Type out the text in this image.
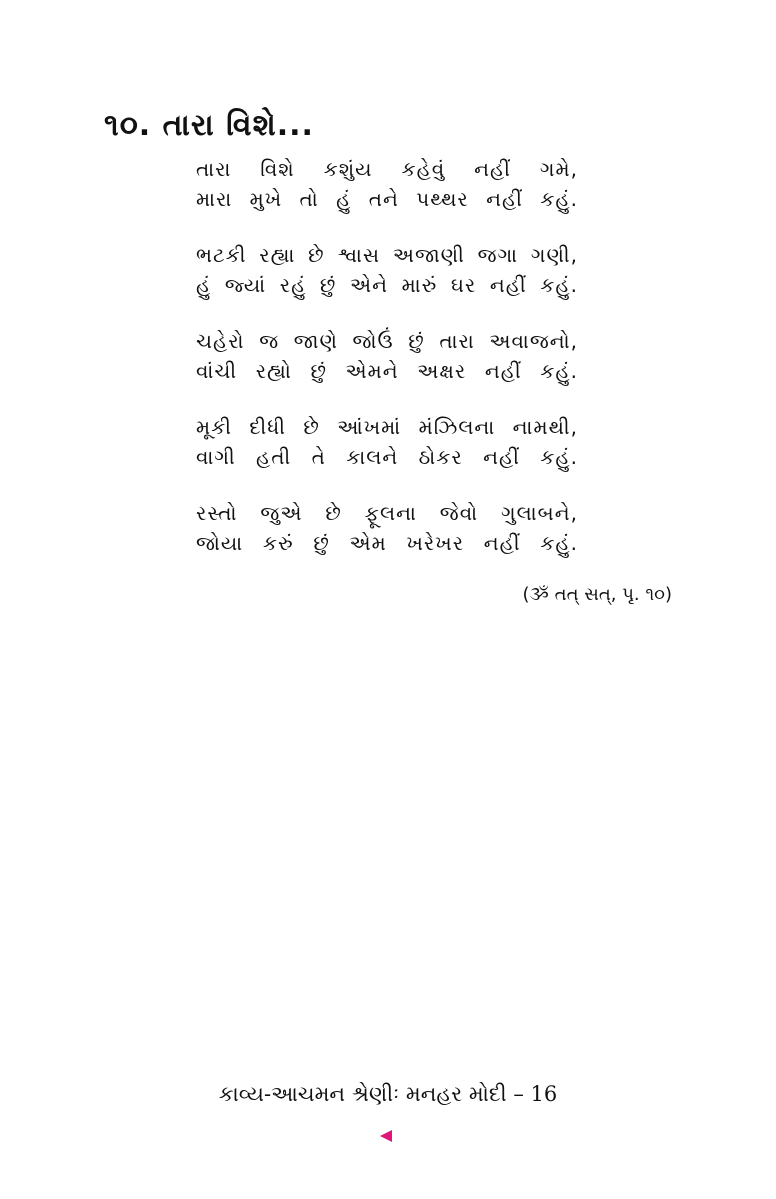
૧૦. તારા વિશે...
તારા વિશે કશુંય કહેવું નહીં ગમે,
મારા મુખે તો હું તને પથ્થર નહીં કહું.
ભટકી રહ્યા છે શ્વાસ અજાણી જગા ગણી,
હું જ્યાં રહું છું એને મારું ઘર નહીં કહું.
ચહેરો જ જાણે જોઉં છું તારા અવાજનો,
વાંચી રહ્યો છું એમને અક્ષર નહીં કહું.
મૂકી દીધી છે આંખમાં મંઝિલના નામથી,
વાગી હતી તે કાલને ઠોકર નહીં કહું.
રસ્તો જુએ છે ફૂલના જેવો ગુલાબને,
જોયા કરું છું એમ ખરેખર નહીં કહું.
(ૐ તત્ સત્, પૃ. ૧૦)
કાવ્ય-આચમન શ્રેણીઃ મનહર મોદી – 16
